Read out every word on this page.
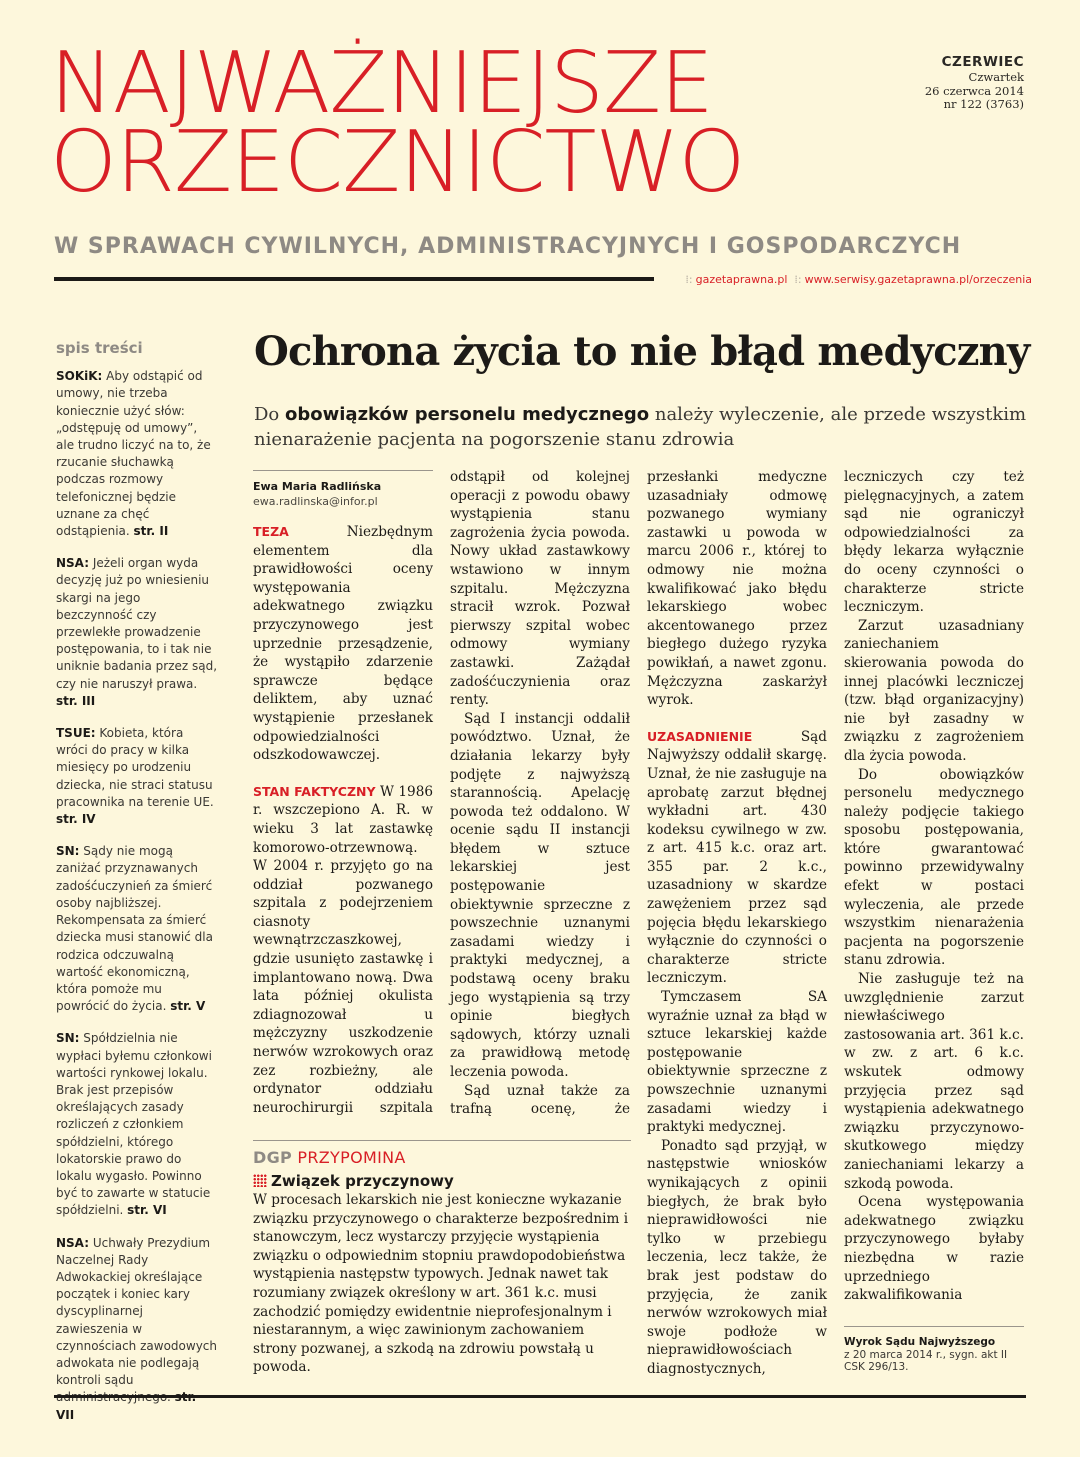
NAJWAŻNIEJSZE
ORZECZNICTWO
CZERWIEC
Czwartek
26 czerwca 2014
nr 122 (3763)
W SPRAWACH CYWILNYCH, ADMINISTRACYJNYCH I GOSPODARCZYCH
⁞: gazetaprawna.pl ⁞: www.serwisy.gazetaprawna.pl/orzeczenia
spis treści
SOKiK: Aby odstąpić od umowy, nie trzeba koniecznie użyć słów: „odstępuję od umowy”, ale trudno liczyć na to, że rzucanie słuchawką podczas rozmowy telefonicznej będzie uznane za chęć odstąpienia. str. II
NSA: Jeżeli organ wyda decyzję już po wniesieniu skargi na jego bezczynność czy przewlekłe prowadzenie postępowania, to i tak nie uniknie badania przez sąd, czy nie naruszył prawa. str. III
TSUE: Kobieta, która wróci do pracy w kilka miesięcy po urodzeniu dziecka, nie straci statusu pracownika na terenie UE. str. IV
SN: Sądy nie mogą zaniżać przyznawanych zadośćuczynień za śmierć osoby najbliższej. Rekompensata za śmierć dziecka musi stanowić dla rodzica odczuwalną wartość ekonomiczną, która pomoże mu powrócić do życia. str. V
SN: Spółdzielnia nie wypłaci byłemu członkowi wartości rynkowej lokalu. Brak jest przepisów określających zasady rozliczeń z członkiem spółdzielni, którego lokatorskie prawo do lokalu wygasło. Powinno być to zawarte w statucie spółdzielni. str. VI
NSA: Uchwały Prezydium Naczelnej Rady Adwokackiej określające początek i koniec kary dyscyplinarnej zawieszenia w czynnościach zawodowych adwokata nie podlegają kontroli sądu VII
Ochrona życia to nie błąd medyczny
Do obowiązków personelu medycznego należy wyleczenie, ale przede wszystkim nienarażenie pacjenta na pogorszenie stanu zdrowia
Ewa Maria Radlińska
ewa.radlinska@infor.pl

TEZA Niezbędnym elementem dla prawidłowości oceny występowania adekwatnego związku przyczynowego jest uprzednie przesądzenie, że wystąpiło zdarzenie sprawcze będące deliktem, aby uznać wystąpienie przesłanek odpowiedzialności odszkodowawczej.

STAN FAKTYCZNY W 1986 r. wszczepiono A. R. w wieku 3 lat zastawkę komorowo-otrzewnową. W 2004 r. przyjęto go na oddział pozwanego szpitala z podejrzeniem ciasnoty wewnątrzczaszkowej, gdzie usunięto zastawkę i implantowano nową. Dwa lata później okulista zdiagnozował u mężczyzny uszkodzenie nerwów wzrokowych oraz zez rozbieżny, ale ordynator oddziału neurochirurgii szpitala

odstąpił od kolejnej operacji z powodu obawy wystąpienia stanu zagrożenia życia powoda. Nowy układ zastawkowy wstawiono w innym szpitalu. Mężczyzna stracił wzrok. Pozwał pierwszy szpital wobec odmowy wymiany zastawki. Zażądał zadośćuczynienia oraz renty.

Sąd I instancji oddalił powództwo. Uznał, że działania lekarzy były podjęte z najwyższą starannością. Apelację powoda też oddalono. W ocenie sądu II instancji błędem w sztuce lekarskiej jest postępowanie obiektywnie sprzeczne z powszechnie uznanymi zasadami wiedzy i praktyki medycznej, a podstawą oceny braku jego wystąpienia są trzy opinie biegłych sądowych, którzy uznali za prawidłową metodę leczenia powoda.

Sąd uznał także za trafną ocenę, że

przesłanki medyczne uzasadniały odmowę pozwanego wymiany zastawki u powoda w marcu 2006 r., której to odmowy nie można kwalifikować jako błędu lekarskiego wobec akcentowanego przez biegłego dużego ryzyka powikłań, a nawet zgonu. Mężczyzna zaskarżył wyrok.

UZASADNIENIE Sąd Najwyższy oddalił skargę. Uznał, że nie zasługuje na aprobatę zarzut błędnej wykładni art. 430 kodeksu cywilnego w zw. z art. 415 k.c. oraz art. 355 par. 2 k.c., uzasadniony w skardze zawężeniem przez sąd pojęcia błędu lekarskiego wyłącznie do czynności o charakterze stricte leczniczym.

Tymczasem SA wyraźnie uznał za błąd w sztuce lekarskiej każde postępowanie obiektywnie sprzeczne z powszechnie uznanymi zasadami wiedzy i praktyki medycznej.

Ponadto sąd przyjął, w następstwie wniosków wynikających z opinii biegłych, że brak było nieprawidłowości nie tylko w przebiegu leczenia, lecz także, że brak jest podstaw do przyjęcia, że zanik nerwów wzrokowych miał swoje podłoże w nieprawidłowościach diagnostycznych,

leczniczych czy też pielęgnacyjnych, a zatem sąd nie ograniczył odpowiedzialności za błędy lekarza wyłącznie do oceny czynności o charakterze stricte leczniczym.

Zarzut uzasadniany zaniechaniem skierowania powoda do innej placówki leczniczej (tzw. błąd organizacyjny) nie był zasadny w związku z zagrożeniem dla życia powoda.

Do obowiązków personelu medycznego należy podjęcie takiego sposobu postępowania, które gwarantować powinno przewidywalny efekt w postaci wyleczenia, ale przede wszystkim nienarażenia pacjenta na pogorszenie stanu zdrowia.

Nie zasługuje też na uwzględnienie zarzut niewłaściwego zastosowania art. 361 k.c. w zw. z art. 6 k.c. wskutek odmowy przyjęcia przez sąd wystąpienia adekwatnego związku przyczynowo-skutkowego między zaniechaniami lekarzy a szkodą powoda.

Ocena występowania adekwatnego związku przyczynowego byłaby niezbędna w razie uprzedniego zakwalifikowania

Wyrok Sądu Najwyższego
z 20 marca 2014 r., sygn. akt II CSK 296/13.
DGP PRZYPOMINA
Związek przyczynowy
W procesach lekarskich nie jest konieczne wykazanie związku przyczynowego o charakterze bezpośrednim i stanowczym, lecz wystarczy przyjęcie wystąpienia związku o odpowiednim stopniu prawdopodobieństwa wystąpienia następstw typowych. Jednak nawet tak rozumiany związek określony w art. 361 k.c. musi zachodzić pomiędzy ewidentnie nieprofesjonalnym i niestarannym, a więc zawinionym zachowaniem strony pozwanej, a szkodą na zdrowiu powstałą u powoda.
